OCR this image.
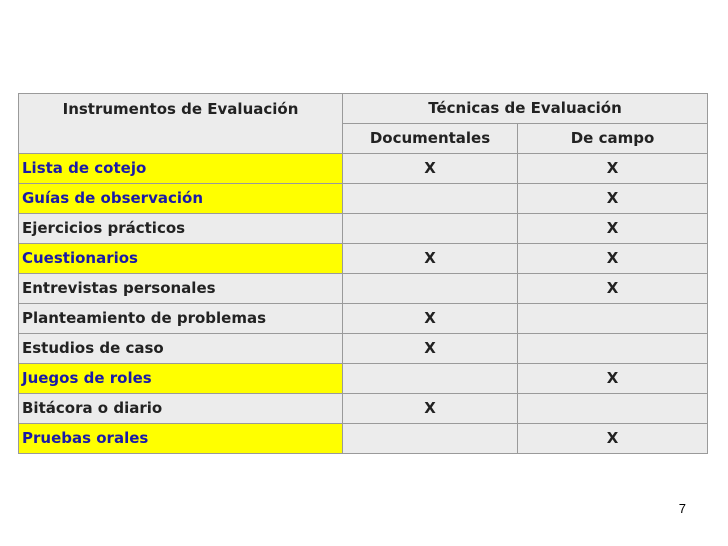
Instrumentos de Evaluación	Técnicas de Evaluación	
	Documentales	De campo
Lista de cotejo	X	X
Guías de observación		X
Ejercicios prácticos		X
Cuestionarios	X	X
Entrevistas personales		X
Planteamiento de problemas	X	
Estudios de caso	X	
Juegos de roles		X
Bitácora o diario	X	
Pruebas orales		X
7
